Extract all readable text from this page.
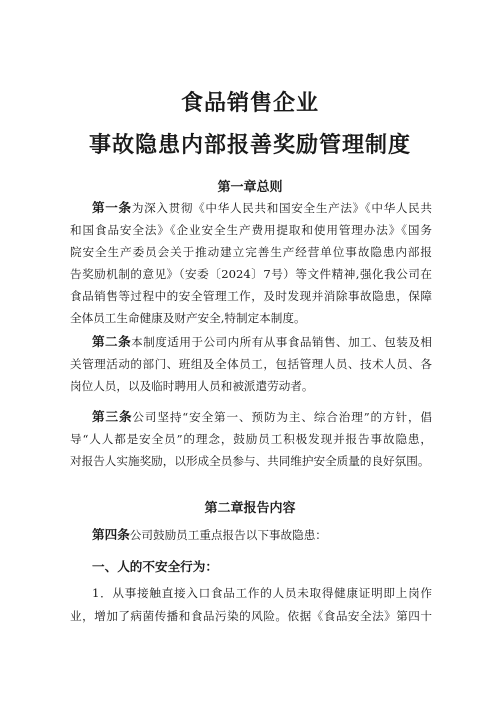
食品销售企业
事故隐患内部报善奖励管理制度
第一章总则
第一条为深入贯彻《中华人民共和国安全生产法》《中华人民共
和国食品安全法》《企业安全生产费用提取和使用管理办法》《国务
院安全生产委员会关于推动建立完善生产经营单位事故隐患内部报
告奖励机制的意见》（安委〔2024〕7号）等文件精神,强化我公司在
食品销售等过程中的安全管理工作，及时发现并消除事故隐患，保障
全体员工生命健康及财产安全,特制定本制度。
第二条本制度适用于公司内所有从事食品销售、加工、包装及相
关管理活动的部门、班组及全体员工，包括管理人员、技术人员、各
岗位人员，以及临时聘用人员和被派遣劳动者。
第三条公司坚持“安全第一、预防为主、综合治理”的方针，倡
导“人人都是安全员”的理念，鼓励员工积极发现并报告事故隐患，
对报告人实施奖励，以形成全员参与、共同维护安全质量的良好氛围。
第二章报告内容
第四条公司鼓励员工重点报告以下事故隐患：
一、人的不安全行为：
1．从事接触直接入口食品工作的人员未取得健康证明即上岗作
业，增加了病菌传播和食品污染的风险。依据《食品安全法》第四十
